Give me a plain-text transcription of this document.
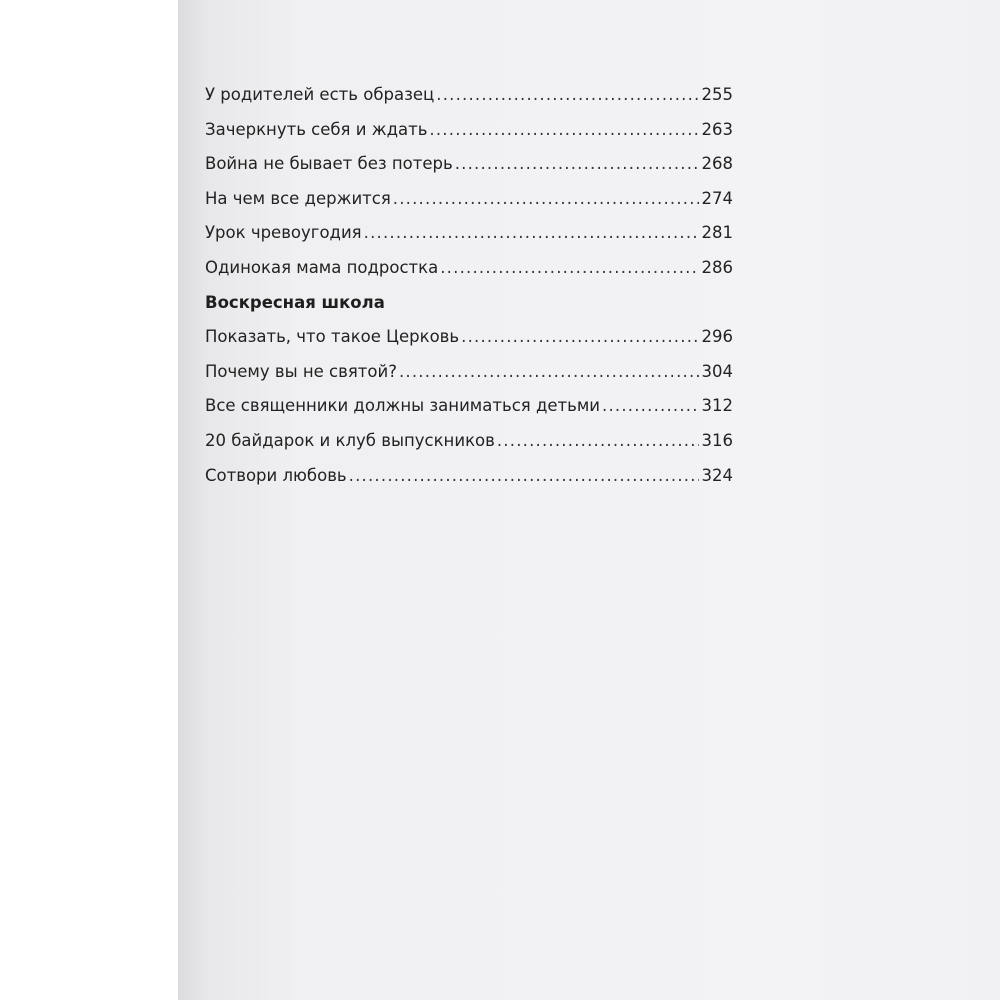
У родителей есть образец .....	255
Зачеркнуть себя и ждать .....	263
Война не бывает без потерь .....	268
На чем все держится .....	274
Урок чревоугодия .....	281
Одинокая мама подростка .....	286
Воскресная школа
Показать, что такое Церковь .....	296
Почему вы не святой? .....	304
Все священники должны заниматься детьми .....	312
20 байдарок и клуб выпускников .....	316
Сотвори любовь .....	324
